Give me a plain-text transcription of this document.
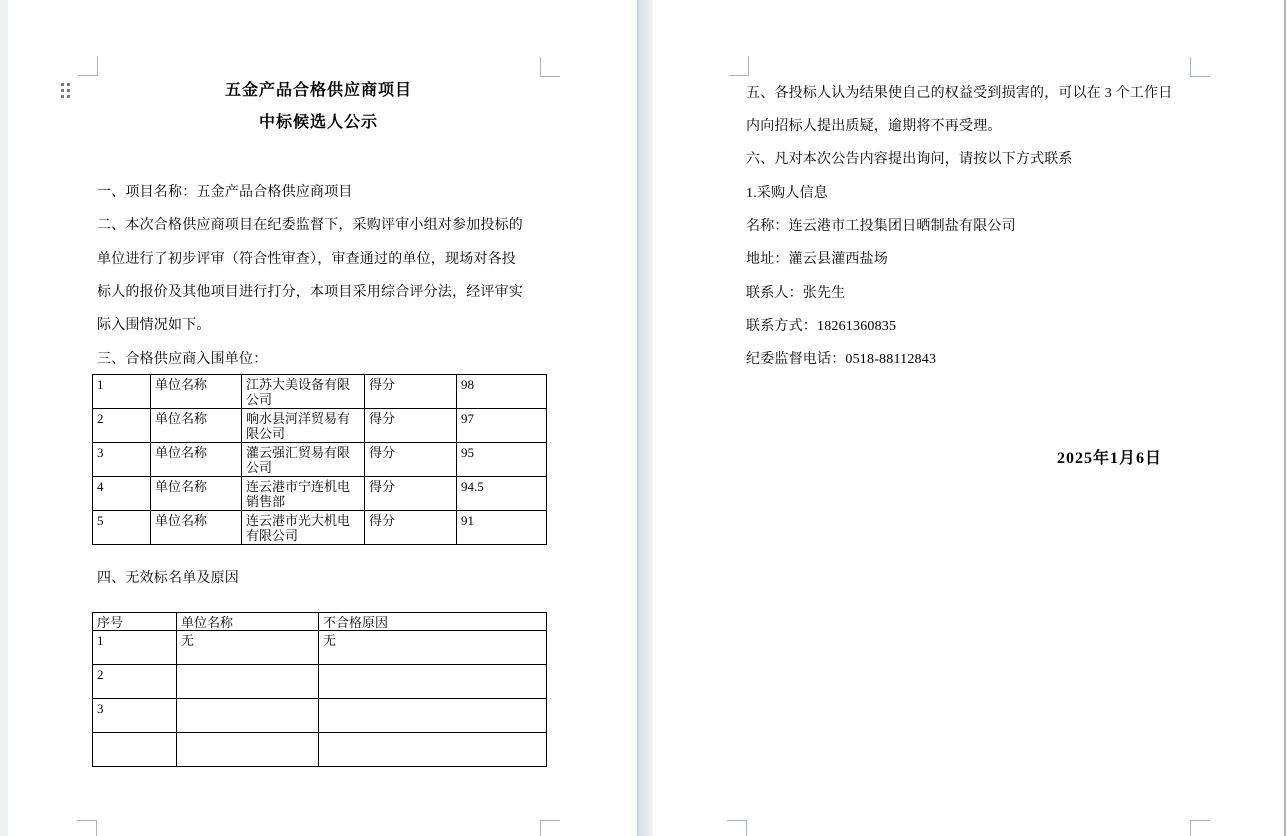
五金产品合格供应商项目
中标候选人公示
一、项目名称：五金产品合格供应商项目
二、本次合格供应商项目在纪委监督下，采购评审小组对参加投标的
单位进行了初步评审（符合性审查），审查通过的单位，现场对各投
标人的报价及其他项目进行打分，本项目采用综合评分法，经评审实
际入围情况如下。
三、合格供应商入围单位：
1	单位名称	江苏大美设备有限公司	得分	98
2	单位名称	响水县河洋贸易有限公司	得分	97
3	单位名称	灌云强汇贸易有限公司	得分	95
4	单位名称	连云港市宁连机电销售部	得分	94.5
5	单位名称	连云港市光大机电有限公司	得分	91
四、无效标名单及原因
序号	单位名称	不合格原因
1	无	无
2		
3		

五、各投标人认为结果使自己的权益受到损害的，可以在 3 个工作日
内向招标人提出质疑，逾期将不再受理。
六、凡对本次公告内容提出询问，请按以下方式联系
1.采购人信息
名称：连云港市工投集团日晒制盐有限公司
地址：灌云县灌西盐场
联系人：张先生
联系方式：18261360835
纪委监督电话：0518-88112843
2025年1月6日
